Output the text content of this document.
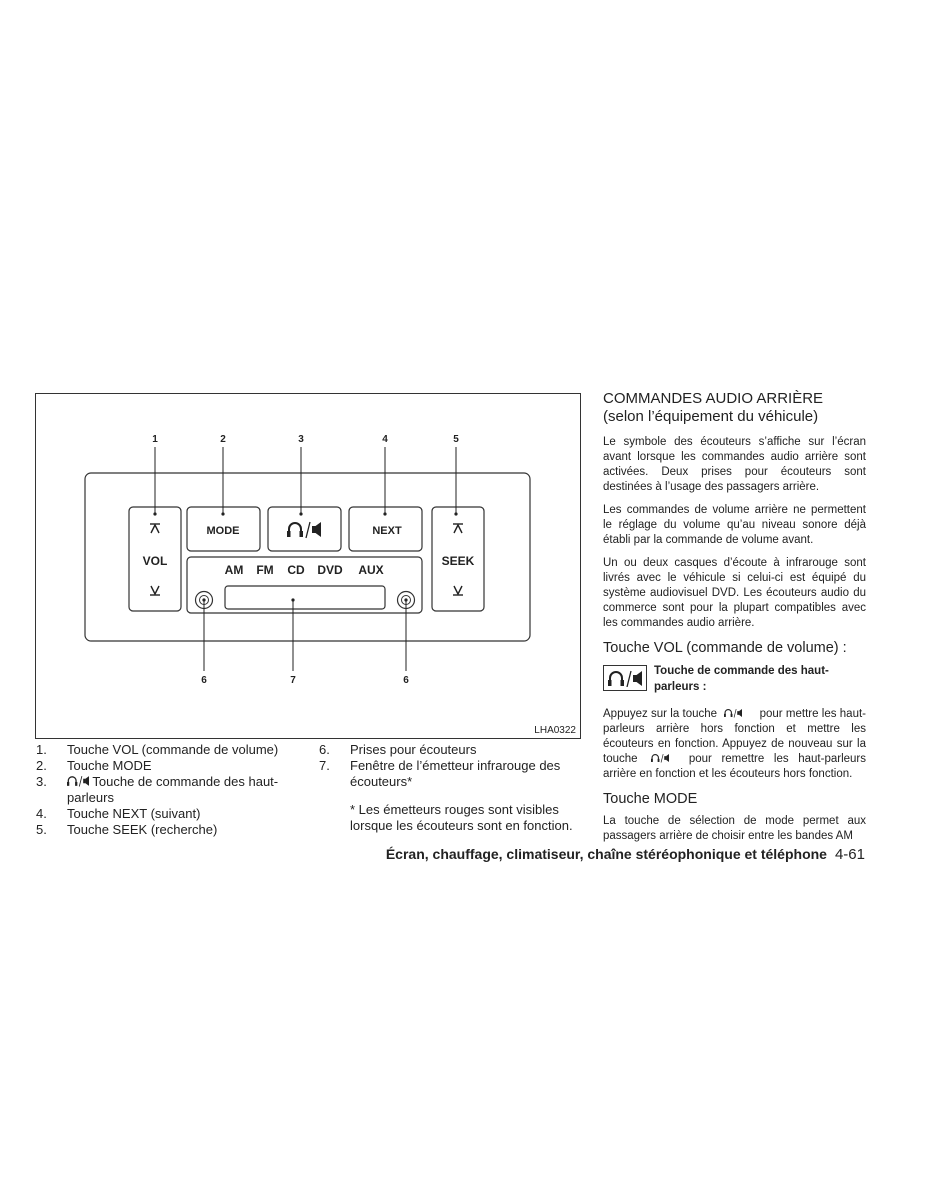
MODE	NEXT
VOL	SEEK
AM FM CD DVD AUX
1	2	3	4	5
6	7	6
LHA0322
1. Touche VOL (commande de volume)
2. Touche MODE
3.	Touche de commande des haut-parleurs
4. Touche NEXT (suivant)
5. Touche SEEK (recherche)
6. Prises pour écouteurs
7. Fenêtre de l’émetteur infrarouge des écouteurs*
* Les émetteurs rouges sont visibles lorsque les écouteurs sont en fonction.
COMMANDES AUDIO ARRIÈRE
(selon l’équipement du véhicule)

Le symbole des écouteurs s’affiche sur l’écran avant lorsque les commandes audio arrière sont activées. Deux prises pour écouteurs sont destinées à l’usage des passagers arrière.

Les commandes de volume arrière ne permettent le réglage du volume qu’au niveau sonore déjà établi par la commande de volume avant.

Un ou deux casques d’écoute à infrarouge sont livrés avec le véhicule si celui-ci est équipé du système audiovisuel DVD. Les écouteurs audio du commerce sont pour la plupart compatibles avec les commandes audio arrière.

Touche VOL (commande de volume) :
Touche de commande des haut-parleurs :

Appuyez sur la touche	pour mettre les haut-parleurs arrière hors fonction et mettre les écouteurs en fonction. Appuyez de nouveau sur la touche	pour remettre les haut-parleurs arrière en fonction et les écouteurs hors fonction.

Touche MODE

La touche de sélection de mode permet aux passagers arrière de choisir entre les bandes AM

Écran, chauffage, climatiseur, chaîne stéréophonique et téléphone 4-61
